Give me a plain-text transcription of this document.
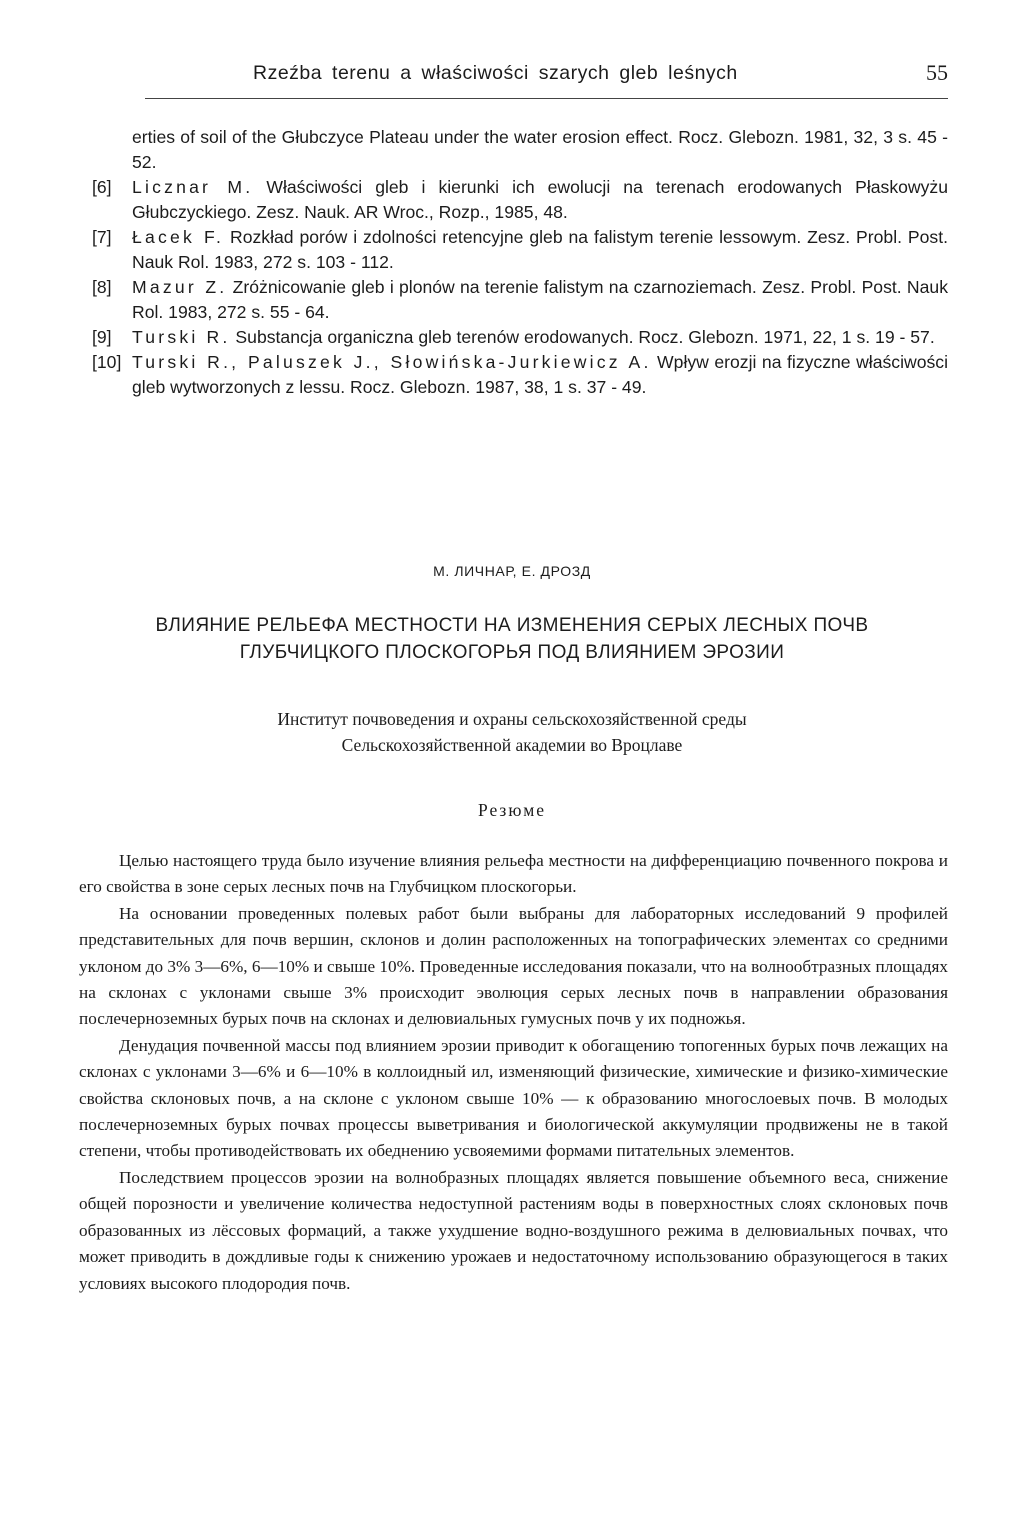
Rzeźba terenu a właściwości szarych gleb leśnych	55

erties of soil of the Głubczyce Plateau under the water erosion effect. Rocz. Glebozn. 1981, 32, 3 s. 45 - 52.

[6] Licznar M. Właściwości gleb i kierunki ich ewolucji na terenach erodowanych Płaskowyżu Głubczyckiego. Zesz. Nauk. AR Wroc., Rozp., 1985, 48.

[7] Łacek F. Rozkład porów i zdolności retencyjne gleb na falistym terenie lessowym. Zesz. Probl. Post. Nauk Rol. 1983, 272 s. 103 - 112.

[8] Mazur Z. Zróżnicowanie gleb i plonów na terenie falistym na czarnoziemach. Zesz. Probl. Post. Nauk Rol. 1983, 272 s. 55 - 64.

[9] Turski R. Substancja organiczna gleb terenów erodowanych. Rocz. Glebozn. 1971, 22, 1 s. 19 - 57.

[10] Turski R., Paluszek J., Słowińska-Jurkiewicz A. Wpływ erozji na fizyczne właściwości gleb wytworzonych z lessu. Rocz. Glebozn. 1987, 38, 1 s. 37 - 49.

М. ЛИЧНАР, Е. ДРОЗД
ВЛИЯНИЕ РЕЛЬЕФА МЕСТНОСТИ НА ИЗМЕНЕНИЯ СЕРЫХ ЛЕСНЫХ ПОЧВ
ГЛУБЧИЦКОГО ПЛОСКОГОРЬЯ ПОД ВЛИЯНИЕМ ЭРОЗИИ
Институт почвоведения и охраны сельскохозяйственной среды
Сельскохозяйственной академии во Вроцлаве
Резюме

Целью настоящего труда было изучение влияния рельефа местности на дифференциацию почвенного покрова и его свойства в зоне серых лесных почв на Глубчицком плоскогорьи.

На основании проведенных полевых работ были выбраны для лабораторных исследований 9 профилей представительных для почв вершин, склонов и долин расположенных на топографических элементах со средними уклоном до 3% 3—6%, 6—10% и свыше 10%. Проведенные исследования показали, что на волнообтразных площадях на склонах с уклонами свыше 3% происходит эволюция серых лесных почв в направлении образования послечерноземных бурых почв на склонах и делювиальных гумусных почв у их подножья.

Денудация почвенной массы под влиянием эрозии приводит к обогащению топогенных бурых почв лежащих на склонах с уклонами 3—6% и 6—10% в коллоидный ил, изменяющий физические, химические и физико-химические свойства склоновых почв, а на склоне с уклоном свыше 10% — к образованию многослоевых почв. В молодых послечерноземных бурых почвах процессы выветривания и биологической аккумуляции продвижены не в такой степени, чтобы противодействовать их обеднению усвояемими формами питательных элементов.

Последствием процессов эрозии на волнобразных площадях является повышение объемного веса, снижение общей порозности и увеличение количества недоступной растениям воды в поверхностных слоях склоновых почв образованных из лёссовых формаций, а также ухудшение водно-воздушного режима в делювиальных почвах, что может приводить в дождливые годы к снижению урожаев и недостаточному использованию образующегося в таких условиях высокого плодородия почв.
